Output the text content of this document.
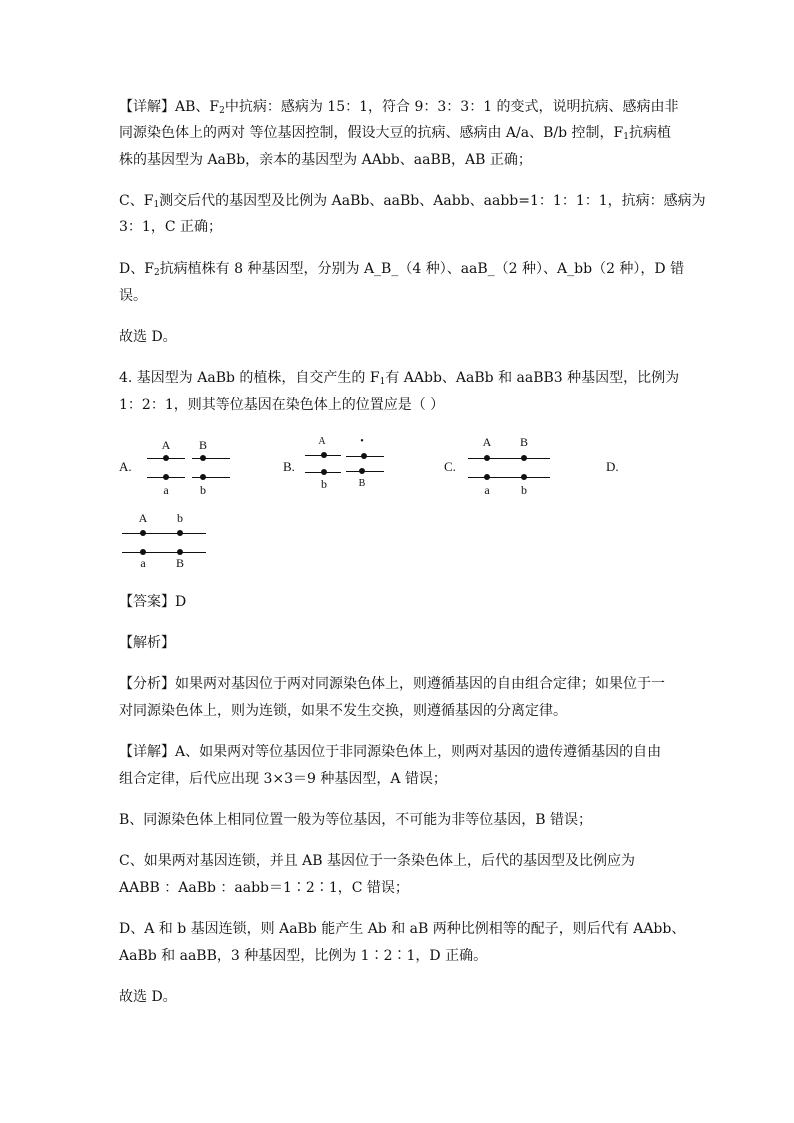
【详解】AB、$F_2$中抗病：感病为 15：1，符合 9：3：3：1 的变式，说明抗病、感病由非

同源染色体上的两对 等位基因控制，假设大豆的抗病、感病由 A/a、B/b 控制，$F_1$抗病植

株的基因型为 AaBb，亲本的基因型为 AAbb、aaBB，AB 正确；

C、$F_1$测交后代的基因型及比例为 AaBb、aaBb、Aabb、aabb=1：1：1：1，抗病：感病为

3：1，C 正确；

D、$F_2$抗病植株有 8 种基因型，分别为 A_B_（4 种）、aaB_（2 种）、A_bb（2 种），D 错

误。

故选 D。

4. 基因型为 AaBb 的植株，自交产生的 $F_1$有 AAbb、AaBb 和 aaBB3 种基因型，比例为

1：2：1，则其等位基因在染色体上的位置应是（ ）

A.
A	B
a	b
B.
A	•
b	B
C.
A	B
a	b
D.
A	b
a	B

【答案】D

【解析】

【分析】如果两对基因位于两对同源染色体上，则遵循基因的自由组合定律；如果位于一

对同源染色体上，则为连锁，如果不发生交换，则遵循基因的分离定律。

【详解】A、如果两对等位基因位于非同源染色体上，则两对基因的遗传遵循基因的自由

组合定律，后代应出现 3×3＝9 种基因型，A 错误；

B、同源染色体上相同位置一般为等位基因，不可能为非等位基因，B 错误；

C、如果两对基因连锁，并且 AB 基因位于一条染色体上，后代的基因型及比例应为

AABB ：AaBb ：aabb＝1∶2∶1，C 错误；

D、A 和 b 基因连锁，则 AaBb 能产生 Ab 和 aB 两种比例相等的配子，则后代有 AAbb、

AaBb 和 aaBB，3 种基因型，比例为 1∶2∶1，D 正确。

故选 D。
